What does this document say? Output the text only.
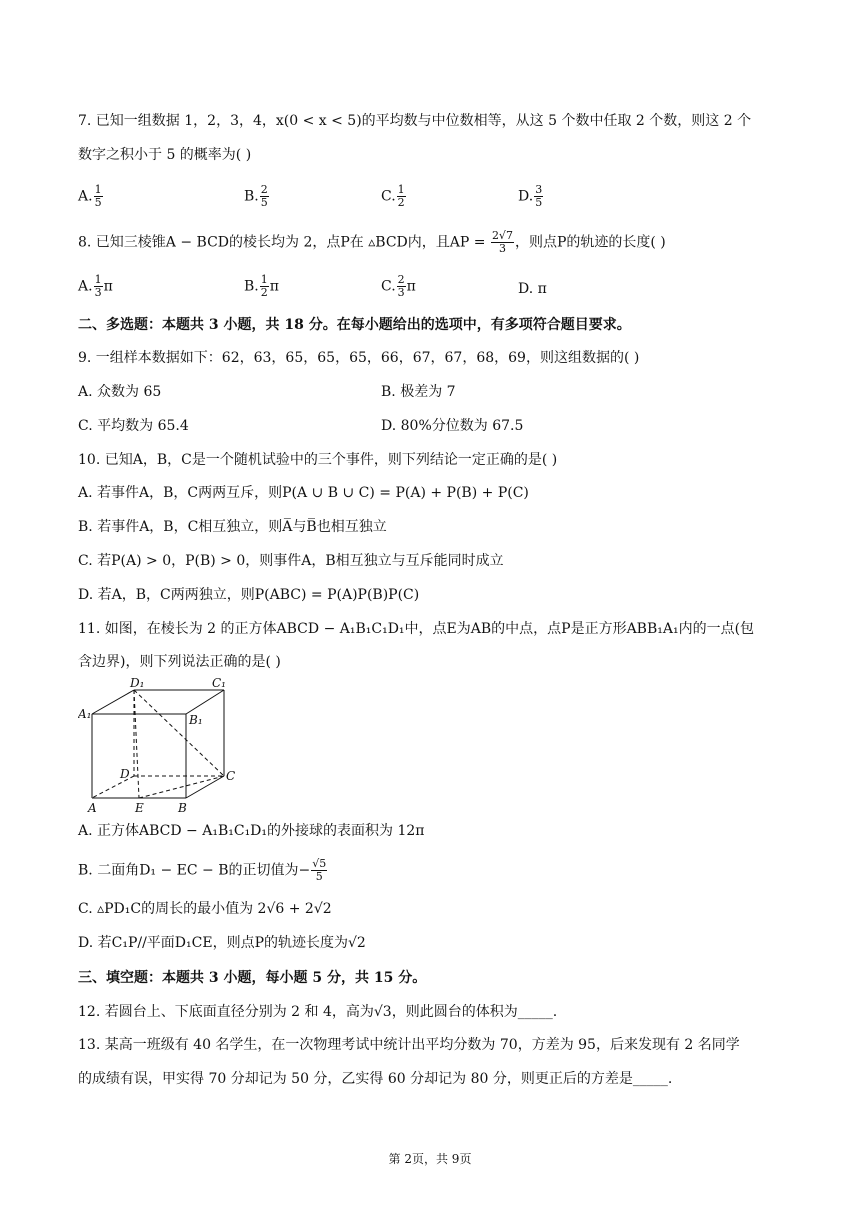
7. 已知一组数据 1，2，3，4，x(0 < x < 5)的平均数与中位数相等，从这 5 个数中任取 2 个数，则这 2 个
数字之积小于 5 的概率为( )
A. $\frac{1}{5}$	B. $\frac{2}{5}$	C. $\frac{1}{2}$	D. $\frac{3}{5}$
8. 已知三棱锥A − BCD的棱长均为 2，点P在 ▵BCD内，且AP = $\frac{2√7}{3}$ ，则点P的轨迹的长度( )
A. $\frac{1}{3}$ π	B. $\frac{1}{2}$ π	C. $\frac{2}{3}$ π	D. π
二、多选题：本题共 3 小题，共 18 分。在每小题给出的选项中，有多项符合题目要求。
9. 一组样本数据如下：62，63，65，65，65，66，67，67，68，69，则这组数据的( )
A. 众数为 65	B. 极差为 7
C. 平均数为 65.4	D. 80%分位数为 67.5
10. 已知A，B，C是一个随机试验中的三个事件，则下列结论一定正确的是( )
A. 若事件A，B，C两两互斥，则P(A ∪ B ∪ C) = P(A) + P(B) + P(C)
B. 若事件A，B，C相互独立，则A̅与B̅也相互独立
C. 若P(A) > 0，P(B) > 0，则事件A，B相互独立与互斥能同时成立
D. 若A，B，C两两独立，则P(ABC) = P(A)P(B)P(C)
11. 如图，在棱长为 2 的正方体ABCD − A₁B₁C₁D₁中，点E为AB的中点，点P是正方形ABB₁A₁内的一点(包
含边界)，则下列说法正确的是( )
D₁	C₁
A₁	B₁
D	C
A	E	B
A. 正方体ABCD − A₁B₁C₁D₁的外接球的表面积为 12π
B. 二面角D₁ − EC − B的正切值为− $\frac{√5}{5}$
C. ▵PD₁C的周长的最小值为 2√6 + 2√2
D. 若C₁P//平面D₁CE，则点P的轨迹长度为√2
三、填空题：本题共 3 小题，每小题 5 分，共 15 分。
12. 若圆台上、下底面直径分别为 2 和 4，高为√3，则此圆台的体积为_____.
13. 某高一班级有 40 名学生，在一次物理考试中统计出平均分数为 70，方差为 95，后来发现有 2 名同学
的成绩有误，甲实得 70 分却记为 50 分，乙实得 60 分却记为 80 分，则更正后的方差是_____.
第 2页，共 9页
